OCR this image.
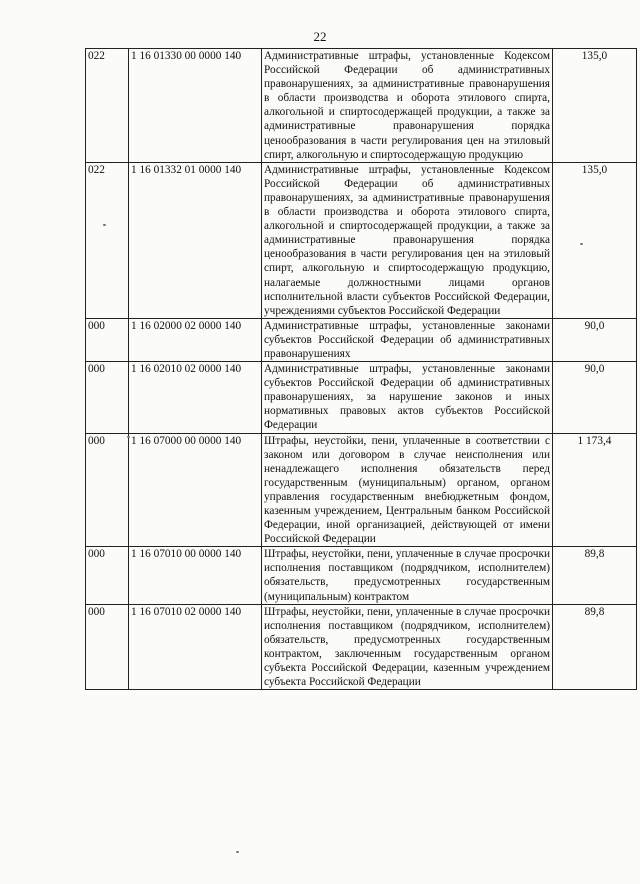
22
022	1 16 01330 00 0000 140	Административные штрафы, установленные Кодексом Российской Федерации об административных правонарушениях, за административные правонарушения в области производства и оборота этилового спирта, алкогольной и спиртосодержащей продукции, а также за административные правонарушения порядка ценообразования в части регулирования цен на этиловый спирт, алкогольную и спиртосодержащую продукцию	135,0
022	1 16 01332 01 0000 140	Административные штрафы, установленные Кодексом Российской Федерации об административных правонарушениях, за административные правонарушения в области производства и оборота этилового спирта, алкогольной и спиртосодержащей продукции, а также за административные правонарушения порядка ценообразования в части регулирования цен на этиловый спирт, алкогольную и спиртосодержащую продукцию, налагаемые должностными лицами органов исполнительной власти субъектов Российской Федерации, учреждениями субъектов Российской Федерации	135,0
000	1 16 02000 02 0000 140	Административные штрафы, установленные законами субъектов Российской Федерации об административных правонарушениях	90,0
000	1 16 02010 02 0000 140	Административные штрафы, установленные законами субъектов Российской Федерации об административных правонарушениях, за нарушение законов и иных нормативных правовых актов субъектов Российской Федерации	90,0
000	1 16 07000 00 0000 140	Штрафы, неустойки, пени, уплаченные в соответствии с законом или договором в случае неисполнения или ненадлежащего исполнения обязательств перед государственным (муниципальным) органом, органом управления государственным внебюджетным фондом, казенным учреждением, Центральным банком Российской Федерации, иной организацией, действующей от имени Российской Федерации	1 173,4
000	1 16 07010 00 0000 140	Штрафы, неустойки, пени, уплаченные в случае просрочки исполнения поставщиком (подрядчиком, исполнителем) обязательств, предусмотренных государственным (муниципальным) контрактом	89,8
000	1 16 07010 02 0000 140	Штрафы, неустойки, пени, уплаченные в случае просрочки исполнения поставщиком (подрядчиком, исполнителем) обязательств, предусмотренных государственным контрактом, заключенным государственным органом субъекта Российской Федерации, казенным учреждением субъекта Российской Федерации	89,8
